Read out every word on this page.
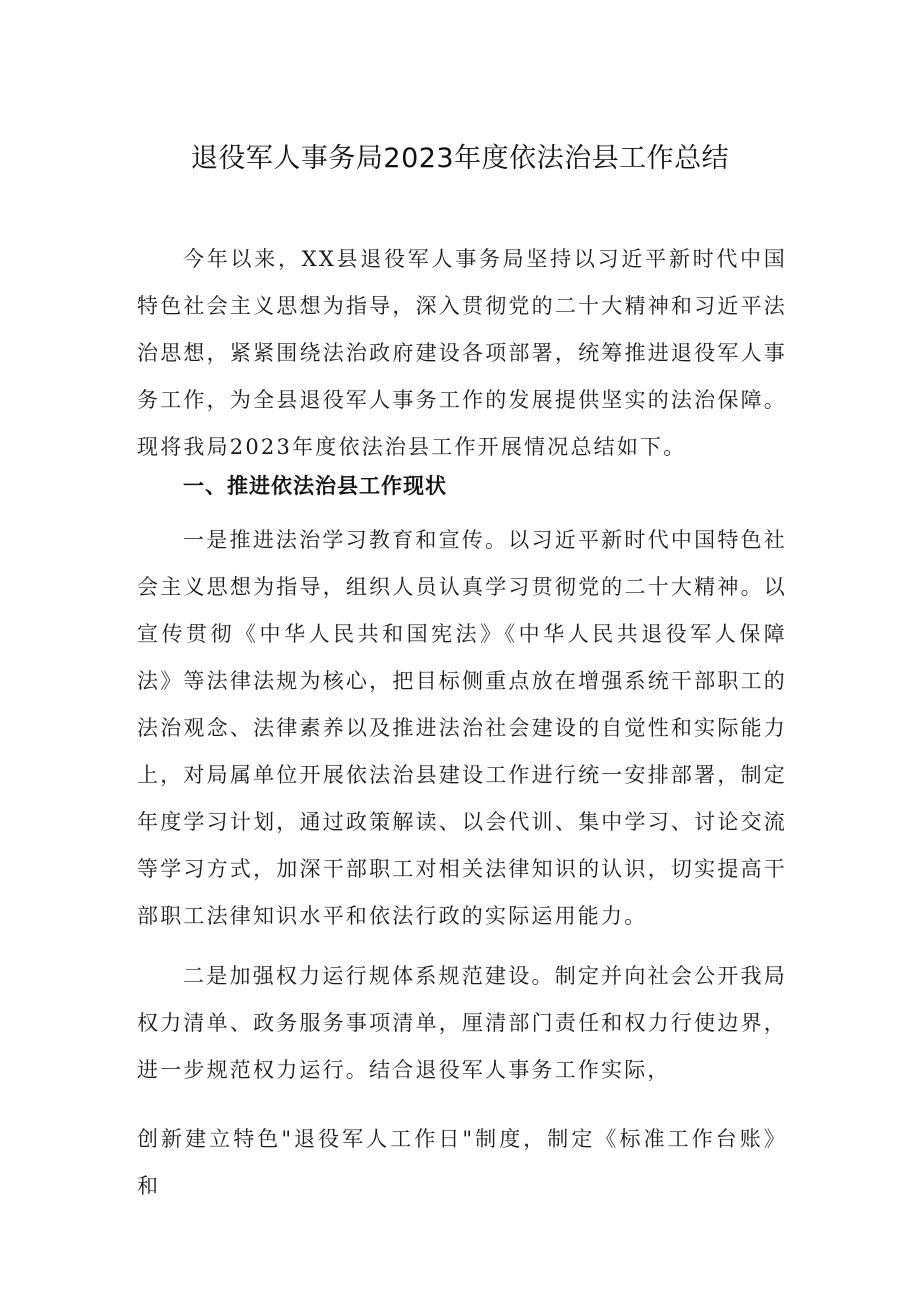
退役军人事务局2023年度依法治县工作总结

今年以来，XX县退役军人事务局坚持以习近平新时代中国特色社会主义思想为指导，深入贯彻党的二十大精神和习近平法治思想，紧紧围绕法治政府建设各项部署，统筹推进退役军人事务工作，为全县退役军人事务工作的发展提供坚实的法治保障。现将我局2023年度依法治县工作开展情况总结如下。

一、推进依法治县工作现状

一是推进法治学习教育和宣传。以习近平新时代中国特色社会主义思想为指导，组织人员认真学习贯彻党的二十大精神。以宣传贯彻《中华人民共和国宪法》《中华人民共退役军人保障法》等法律法规为核心，把目标侧重点放在增强系统干部职工的法治观念、法律素养以及推进法治社会建设的自觉性和实际能力上，对局属单位开展依法治县建设工作进行统一安排部署，制定年度学习计划，通过政策解读、以会代训、集中学习、讨论交流等学习方式，加深干部职工对相关法律知识的认识，切实提高干部职工法律知识水平和依法行政的实际运用能力。

二是加强权力运行规体系规范建设。制定并向社会公开我局权力清单、政务服务事项清单，厘清部门责任和权力行使边界，进一步规范权力运行。结合退役军人事务工作实际，

创新建立特色"退役军人工作日"制度，制定《标准工作台账》和
